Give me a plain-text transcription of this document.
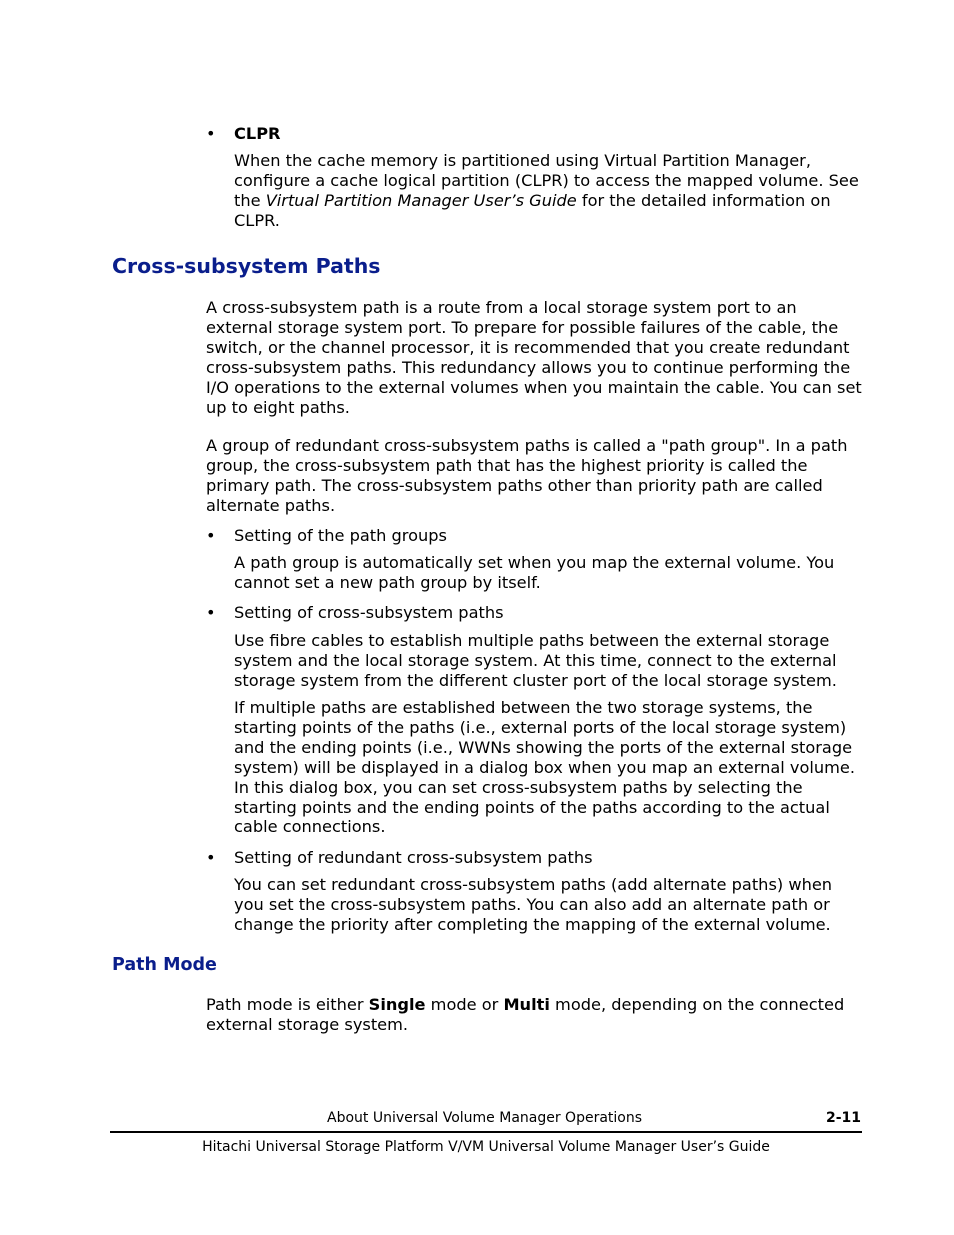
• CLPR

When the cache memory is partitioned using Virtual Partition Manager, configure a cache logical partition (CLPR) to access the mapped volume. See the Virtual Partition Manager User’s Guide for the detailed information on CLPR.

Cross-subsystem Paths

A cross-subsystem path is a route from a local storage system port to an external storage system port. To prepare for possible failures of the cable, the switch, or the channel processor, it is recommended that you create redundant cross-subsystem paths. This redundancy allows you to continue performing the I/O operations to the external volumes when you maintain the cable. You can set up to eight paths.

A group of redundant cross-subsystem paths is called a "path group". In a path group, the cross-subsystem path that has the highest priority is called the primary path. The cross-subsystem paths other than priority path are called alternate paths.

• Setting of the path groups

A path group is automatically set when you map the external volume. You cannot set a new path group by itself.

• Setting of cross-subsystem paths

Use fibre cables to establish multiple paths between the external storage system and the local storage system. At this time, connect to the external storage system from the different cluster port of the local storage system.

If multiple paths are established between the two storage systems, the starting points of the paths (i.e., external ports of the local storage system) and the ending points (i.e., WWNs showing the ports of the external storage system) will be displayed in a dialog box when you map an external volume. In this dialog box, you can set cross-subsystem paths by selecting the starting points and the ending points of the paths according to the actual cable connections.

• Setting of redundant cross-subsystem paths

You can set redundant cross-subsystem paths (add alternate paths) when you set the cross-subsystem paths. You can also add an alternate path or change the priority after completing the mapping of the external volume.

Path Mode

Path mode is either Single mode or Multi mode, depending on the connected external storage system.

About Universal Volume Manager Operations	2-11
Hitachi Universal Storage Platform V/VM Universal Volume Manager User’s Guide
